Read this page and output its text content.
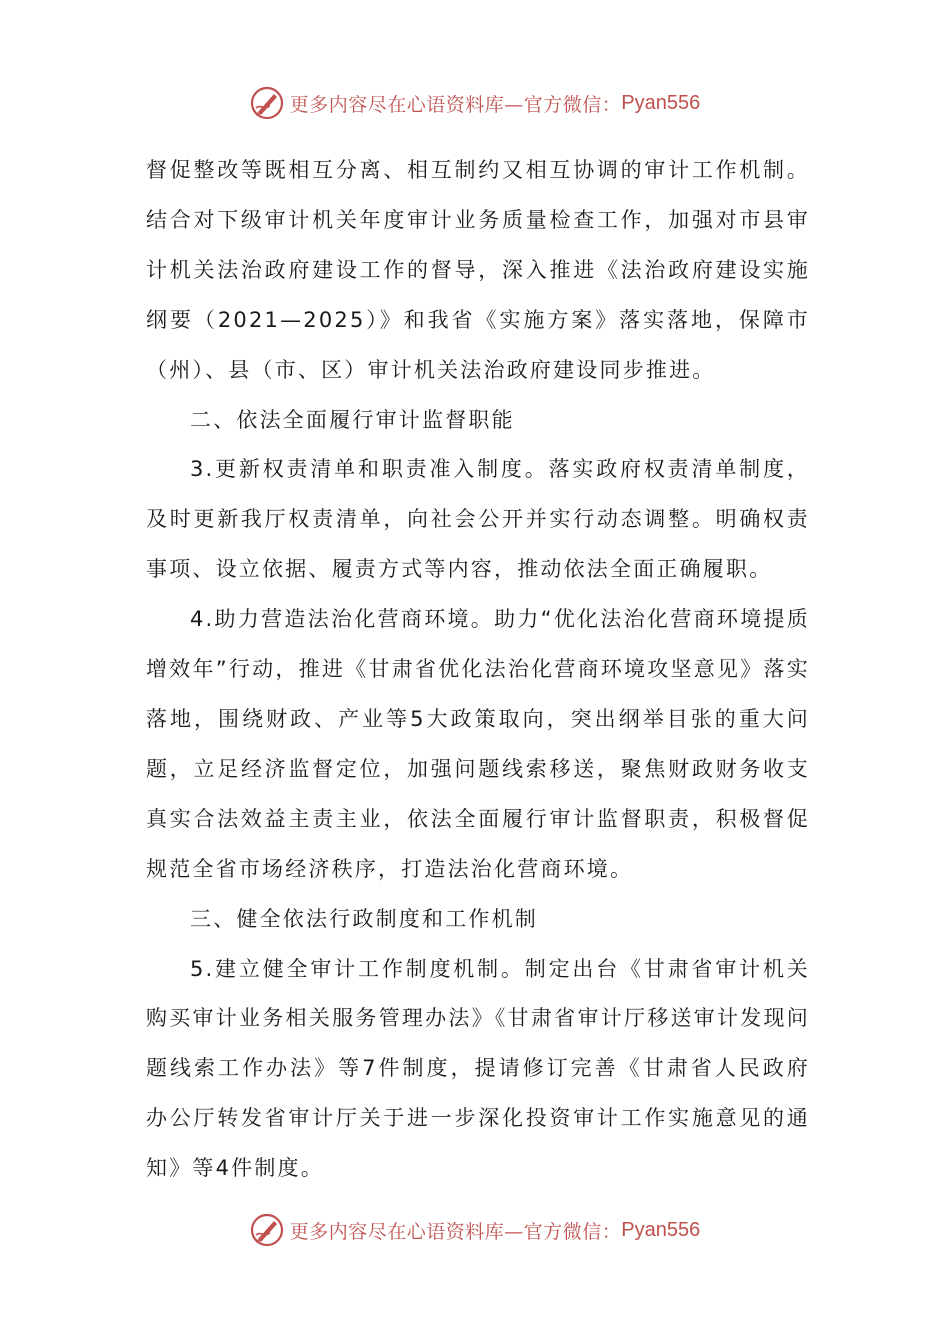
更多内容尽在心语资料库—官方微信： Pyan556

督促整改等既相互分离、相互制约又相互协调的审计工作机制。结合对下级审计机关年度审计业务质量检查工作，加强对市县审计机关法治政府建设工作的督导，深入推进《法治政府建设实施纲要（2021—2025）》和我省《实施方案》落实落地，保障市（州）、县（市、区）审计机关法治政府建设同步推进。

二、依法全面履行审计监督职能

3.更新权责清单和职责准入制度。落实政府权责清单制度，及时更新我厅权责清单，向社会公开并实行动态调整。明确权责事项、设立依据、履责方式等内容，推动依法全面正确履职。

4.助力营造法治化营商环境。助力“优化法治化营商环境提质增效年”行动，推进《甘肃省优化法治化营商环境攻坚意见》落实落地，围绕财政、产业等5大政策取向，突出纲举目张的重大问题，立足经济监督定位，加强问题线索移送，聚焦财政财务收支真实合法效益主责主业，依法全面履行审计监督职责，积极督促规范全省市场经济秩序，打造法治化营商环境。

三、健全依法行政制度和工作机制

5.建立健全审计工作制度机制。制定出台《甘肃省审计机关购买审计业务相关服务管理办法》《甘肃省审计厅移送审计发现问题线索工作办法》等7件制度，提请修订完善《甘肃省人民政府办公厅转发省审计厅关于进一步深化投资审计工作实施意见的通知》等4件制度。

更多内容尽在心语资料库—官方微信： Pyan556
